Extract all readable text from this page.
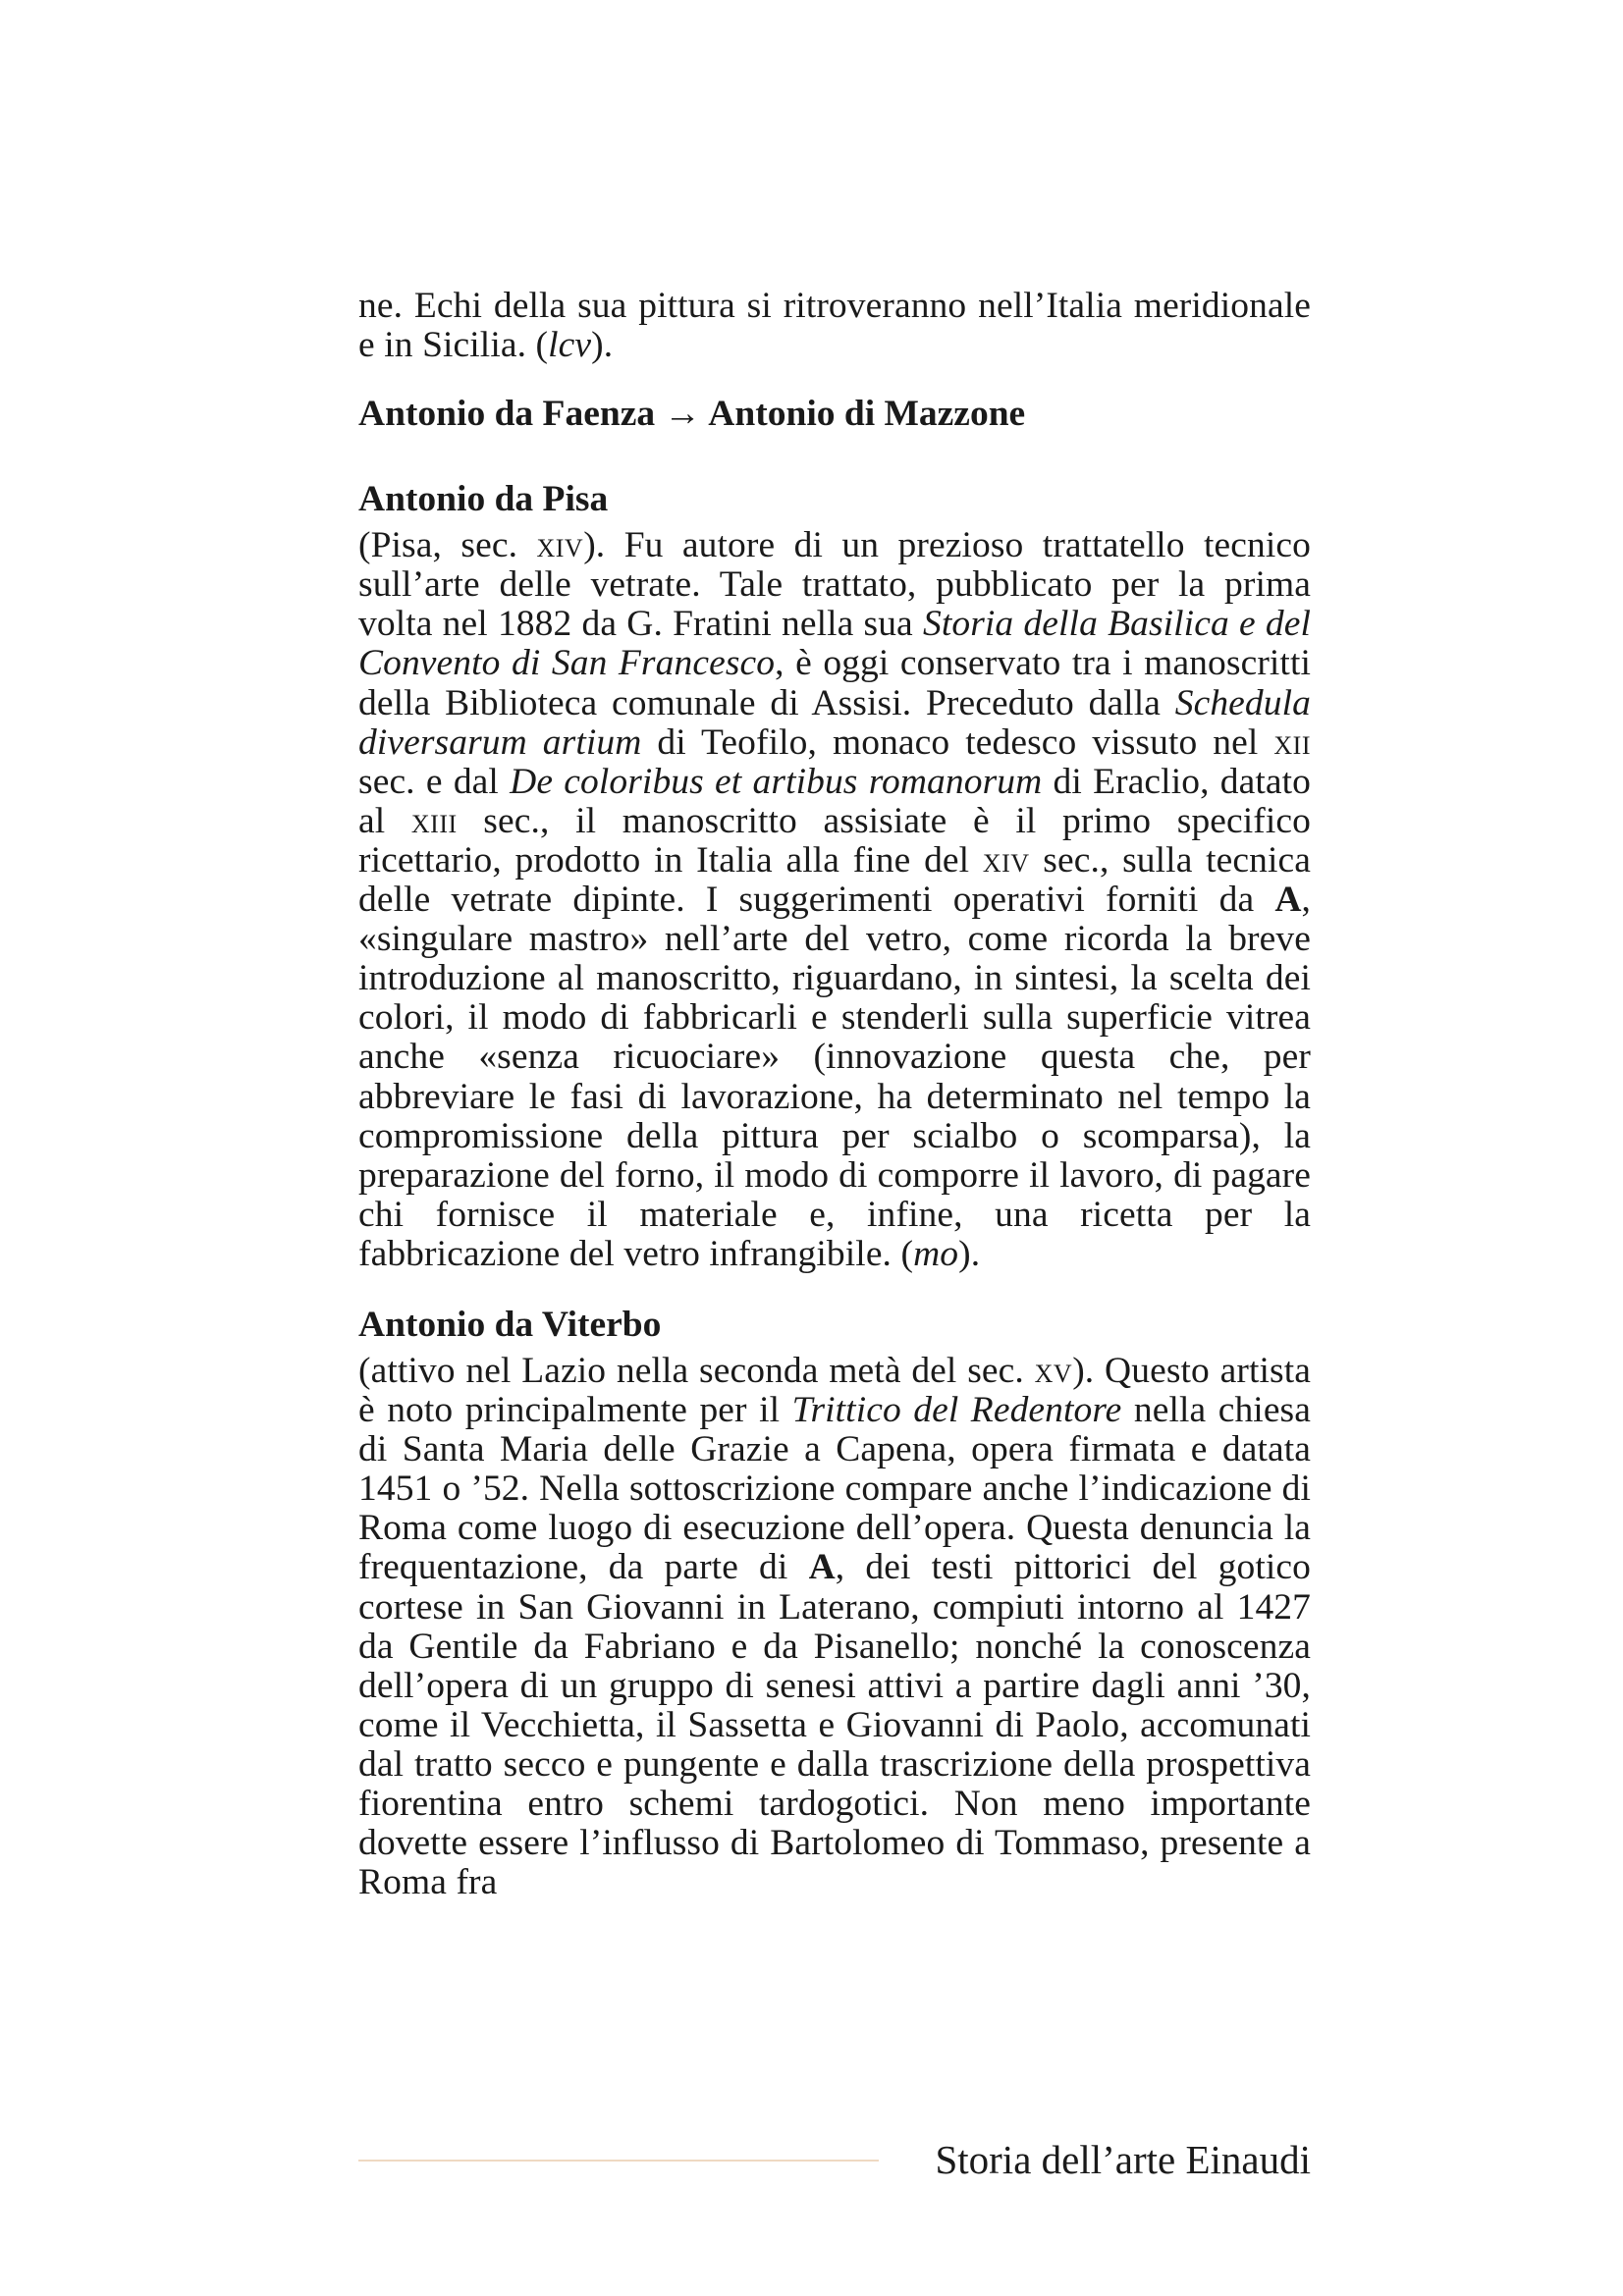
ne. Echi della sua pittura si ritroveranno nell’Italia meridionale e in Sicilia. (lcv).

Antonio da Faenza → Antonio di Mazzone
Antonio da Pisa

(Pisa, sec. xiv). Fu autore di un prezioso trattatello tecnico sull’arte delle vetrate. Tale trattato, pubblicato per la prima volta nel 1882 da G. Fratini nella sua Storia della Basilica e del Convento di San Francesco, è oggi conservato tra i manoscritti della Biblioteca comunale di Assisi. Preceduto dalla Schedula diversarum artium di Teofilo, monaco tedesco vissuto nel xii sec. e dal De coloribus et artibus romanorum di Eraclio, datato al xiii sec., il manoscritto assisiate è il primo specifico ricettario, prodotto in Italia alla fine del xiv sec., sulla tecnica delle vetrate dipinte. I suggerimenti operativi forniti da A, «singulare mastro» nell’arte del vetro, come ricorda la breve introduzione al manoscritto, riguardano, in sintesi, la scelta dei colori, il modo di fabbricarli e stenderli sulla superficie vitrea anche «senza ricuociare» (innovazione questa che, per abbreviare le fasi di lavorazione, ha determinato nel tempo la compromissione della pittura per scialbo o scomparsa), la preparazione del forno, il modo di comporre il lavoro, di pagare chi fornisce il materiale e, infine, una ricetta per la fabbricazione del vetro infrangibile. (mo).

Antonio da Viterbo

(attivo nel Lazio nella seconda metà del sec. xv). Questo artista è noto principalmente per il Trittico del Redentore nella chiesa di Santa Maria delle Grazie a Capena, opera firmata e datata 1451 o ’52. Nella sottoscrizione compare anche l’indicazione di Roma come luogo di esecuzione dell’opera. Questa denuncia la frequentazione, da parte di A, dei testi pittorici del gotico cortese in San Giovanni in Laterano, compiuti intorno al 1427 da Gentile da Fabriano e da Pisanello; nonché la conoscenza dell’opera di un gruppo di senesi attivi a partire dagli anni ’30, come il Vecchietta, il Sassetta e Giovanni di Paolo, accomunati dal tratto secco e pungente e dalla trascrizione della prospettiva fiorentina entro schemi tardogotici. Non meno importante dovette essere l’influsso di Bartolomeo di Tommaso, presente a Roma fra

Storia dell’arte Einaudi
